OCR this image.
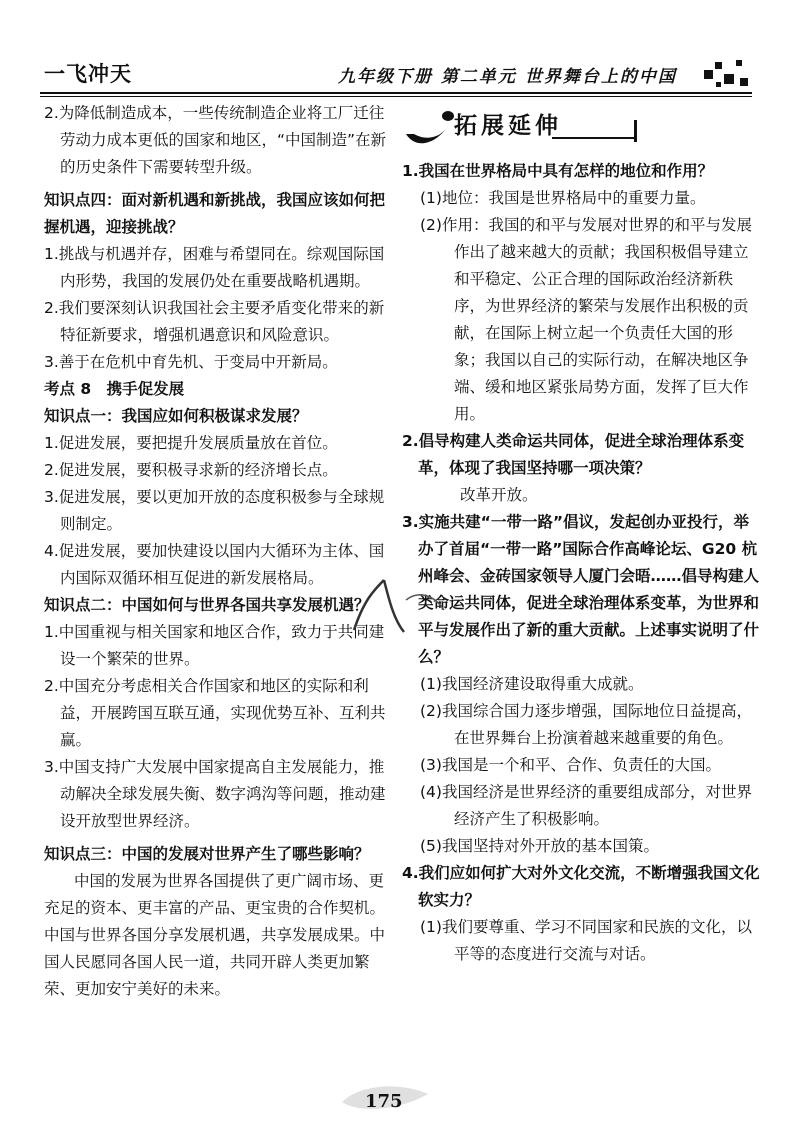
一飞冲天	九年级下册 第二单元 世界舞台上的中国

2.为降低制造成本，一些传统制造企业将工厂迁往劳动力成本更低的国家和地区，“中国制造”在新的历史条件下需要转型升级。

知识点四：面对新机遇和新挑战，我国应该如何把握机遇，迎接挑战？

1.挑战与机遇并存，困难与希望同在。综观国际国内形势，我国的发展仍处在重要战略机遇期。

2.我们要深刻认识我国社会主要矛盾变化带来的新特征新要求，增强机遇意识和风险意识。

3.善于在危机中育先机、于变局中开新局。

考点 8　携手促发展

知识点一：我国应如何积极谋求发展？

1.促进发展，要把提升发展质量放在首位。

2.促进发展，要积极寻求新的经济增长点。

3.促进发展，要以更加开放的态度积极参与全球规则制定。

4.促进发展，要加快建设以国内大循环为主体、国内国际双循环相互促进的新发展格局。

知识点二：中国如何与世界各国共享发展机遇？

1.中国重视与相关国家和地区合作，致力于共同建设一个繁荣的世界。

2.中国充分考虑相关合作国家和地区的实际和利益，开展跨国互联互通，实现优势互补、互利共赢。

3.中国支持广大发展中国家提高自主发展能力，推动解决全球发展失衡、数字鸿沟等问题，推动建设开放型世界经济。

知识点三：中国的发展对世界产生了哪些影响？

中国的发展为世界各国提供了更广阔市场、更充足的资本、更丰富的产品、更宝贵的合作契机。中国与世界各国分享发展机遇，共享发展成果。中国人民愿同各国人民一道，共同开辟人类更加繁荣、更加安宁美好的未来。

拓展延伸

1.我国在世界格局中具有怎样的地位和作用？

(1)地位：我国是世界格局中的重要力量。

(2)作用：我国的和平与发展对世界的和平与发展作出了越来越大的贡献；我国积极倡导建立和平稳定、公正合理的国际政治经济新秩序，为世界经济的繁荣与发展作出积极的贡献，在国际上树立起一个负责任大国的形象；我国以自己的实际行动，在解决地区争端、缓和地区紧张局势方面，发挥了巨大作用。

2.倡导构建人类命运共同体，促进全球治理体系变革，体现了我国坚持哪一项决策？

改革开放。

3.实施共建“一带一路”倡议，发起创办亚投行，举办了首届“一带一路”国际合作高峰论坛、G20 杭州峰会、金砖国家领导人厦门会晤……倡导构建人类命运共同体，促进全球治理体系变革，为世界和平与发展作出了新的重大贡献。上述事实说明了什么？

(1)我国经济建设取得重大成就。

(2)我国综合国力逐步增强，国际地位日益提高，在世界舞台上扮演着越来越重要的角色。

(3)我国是一个和平、合作、负责任的大国。

(4)我国经济是世界经济的重要组成部分，对世界经济产生了积极影响。

(5)我国坚持对外开放的基本国策。

4.我们应如何扩大对外文化交流，不断增强我国文化软实力？

(1)我们要尊重、学习不同国家和民族的文化，以平等的态度进行交流与对话。

175
